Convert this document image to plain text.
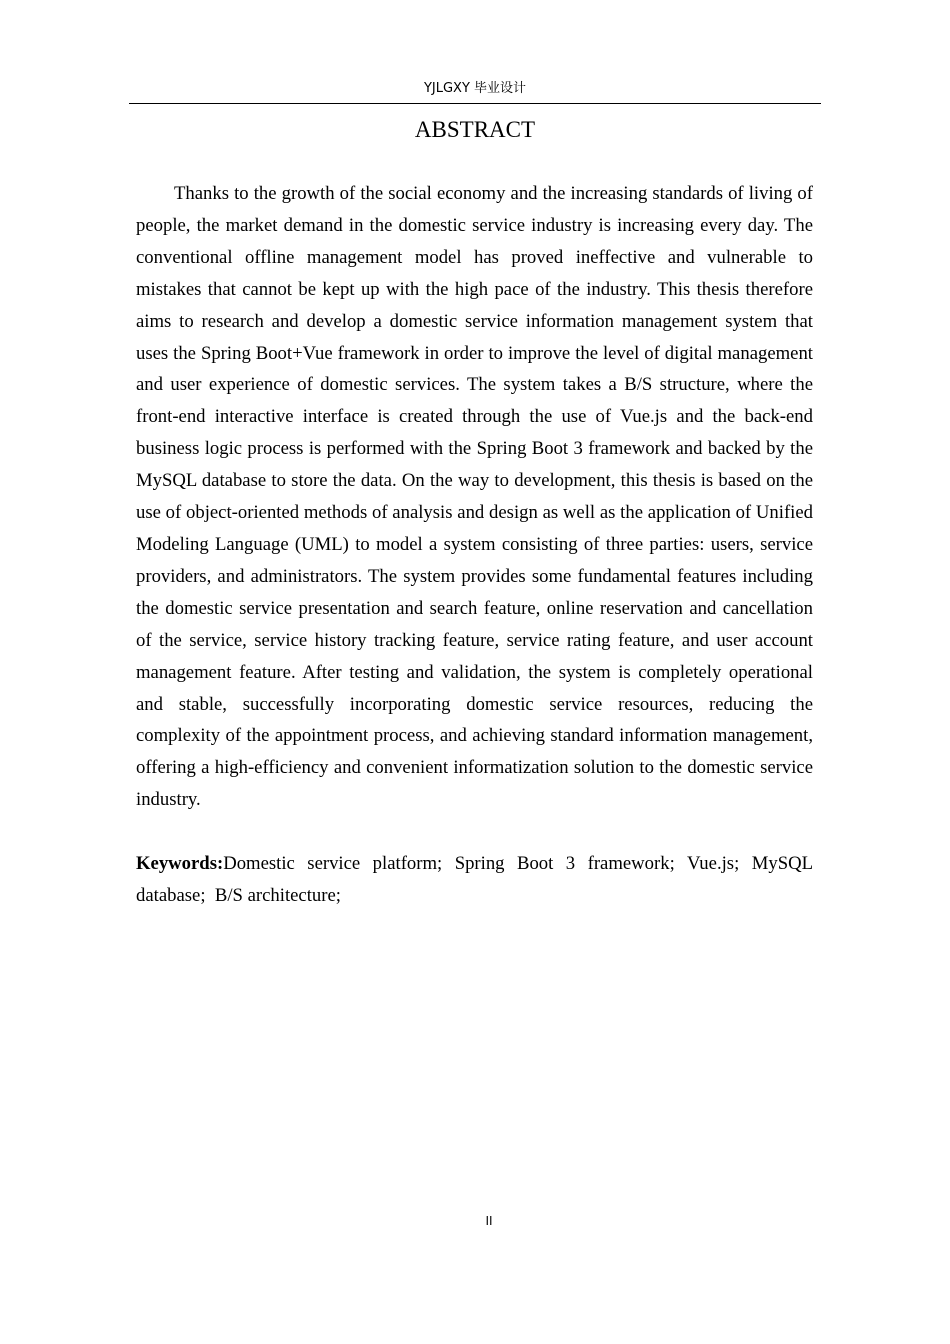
YJLGXY 毕业设计
ABSTRACT

Thanks to the growth of the social economy and the increasing standards of living of people, the market demand in the domestic service industry is increasing every day. The conventional offline management model has proved ineffective and vulnerable to mistakes that cannot be kept up with the high pace of the industry. This thesis therefore aims to research and develop a domestic service information management system that uses the Spring Boot+Vue framework in order to improve the level of digital management and user experience of domestic services. The system takes a B/S structure, where the front-end interactive interface is created through the use of Vue.js and the back-end business logic process is performed with the Spring Boot 3 framework and backed by the MySQL database to store the data. On the way to development, this thesis is based on the use of object-oriented methods of analysis and design as well as the application of Unified Modeling Language (UML) to model a system consisting of three parties: users, service providers, and administrators. The system provides some fundamental features including the domestic service presentation and search feature, online reservation and cancellation of the service, service history tracking feature, service rating feature, and user account management feature. After testing and validation, the system is completely operational and stable, successfully incorporating domestic service resources, reducing the complexity of the appointment process, and achieving standard information management, offering a high-efficiency and convenient informatization solution to the domestic service industry.

Keywords:Domestic service platform; Spring Boot 3 framework; Vue.js; MySQL database; B/S architecture;

II
